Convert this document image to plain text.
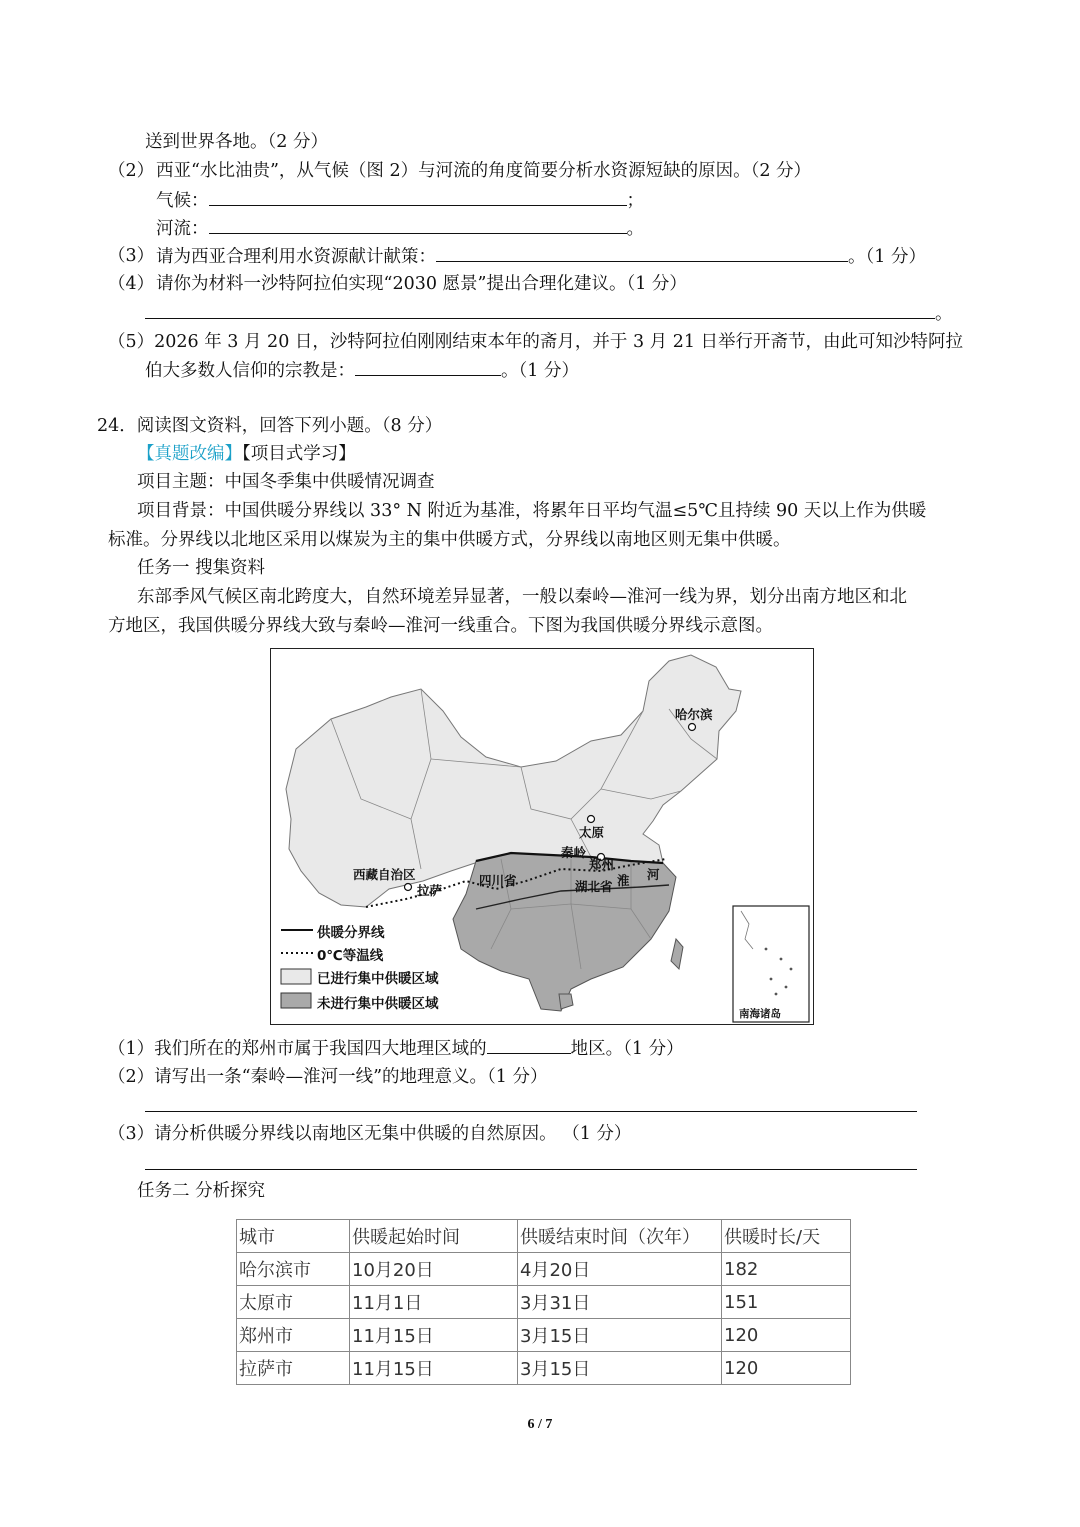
送到世界各地。（2 分）
（2） 西亚“水比油贵”，从气候（图 2）与河流的角度简要分析水资源短缺的原因。（2 分）
气候：	；
河流：	。
（3） 请为西亚合理利用水资源献计献策：	。（1 分）
（4） 请你为材料一沙特阿拉伯实现“2030 愿景”提出合理化建议。（1 分）
。
（5）2026 年 3 月 20 日，沙特阿拉伯刚刚结束本年的斋月，并于 3 月 21 日举行开斋节，由此可知沙特阿拉
伯大多数人信仰的宗教是：	。（1 分）
24．阅读图文资料，回答下列小题。（8 分）
【真题改编】【项目式学习】
项目主题：中国冬季集中供暖情况调查
项目背景：中国供暖分界线以 33° N 附近为基准，将累年日平均气温≤5℃且持续 90 天以上作为供暖
标准。分界线以北地区采用以煤炭为主的集中供暖方式，分界线以南地区则无集中供暖。
任务一 搜集资料
东部季风气候区南北跨度大，自然环境差异显著，一般以秦岭—淮河一线为界，划分出南方地区和北
方地区，我国供暖分界线大致与秦岭—淮河一线重合。下图为我国供暖分界线示意图。
哈尔滨
太原
秦岭
郑州
西藏自治区
拉萨
四川省	湖北省 淮 河
南海诸岛
供暖分界线
0℃等温线
已进行集中供暖区域
未进行集中供暖区域
（1）我们所在的郑州市属于我国四大地理区域的	地区。（1 分）
（2）请写出一条“秦岭—淮河一线”的地理意义。（1 分）
（3）请分析供暖分界线以南地区无集中供暖的自然原因。 （1 分）
任务二 分析探究
城市	供暖起始时间	供暖结束时间（次年）	供暖时长/天
哈尔滨市	10月20日	4月20日	182
太原市	11月1日	3月31日	151
郑州市	11月15日	3月15日	120
拉萨市	11月15日	3月15日	120
6 / 7
